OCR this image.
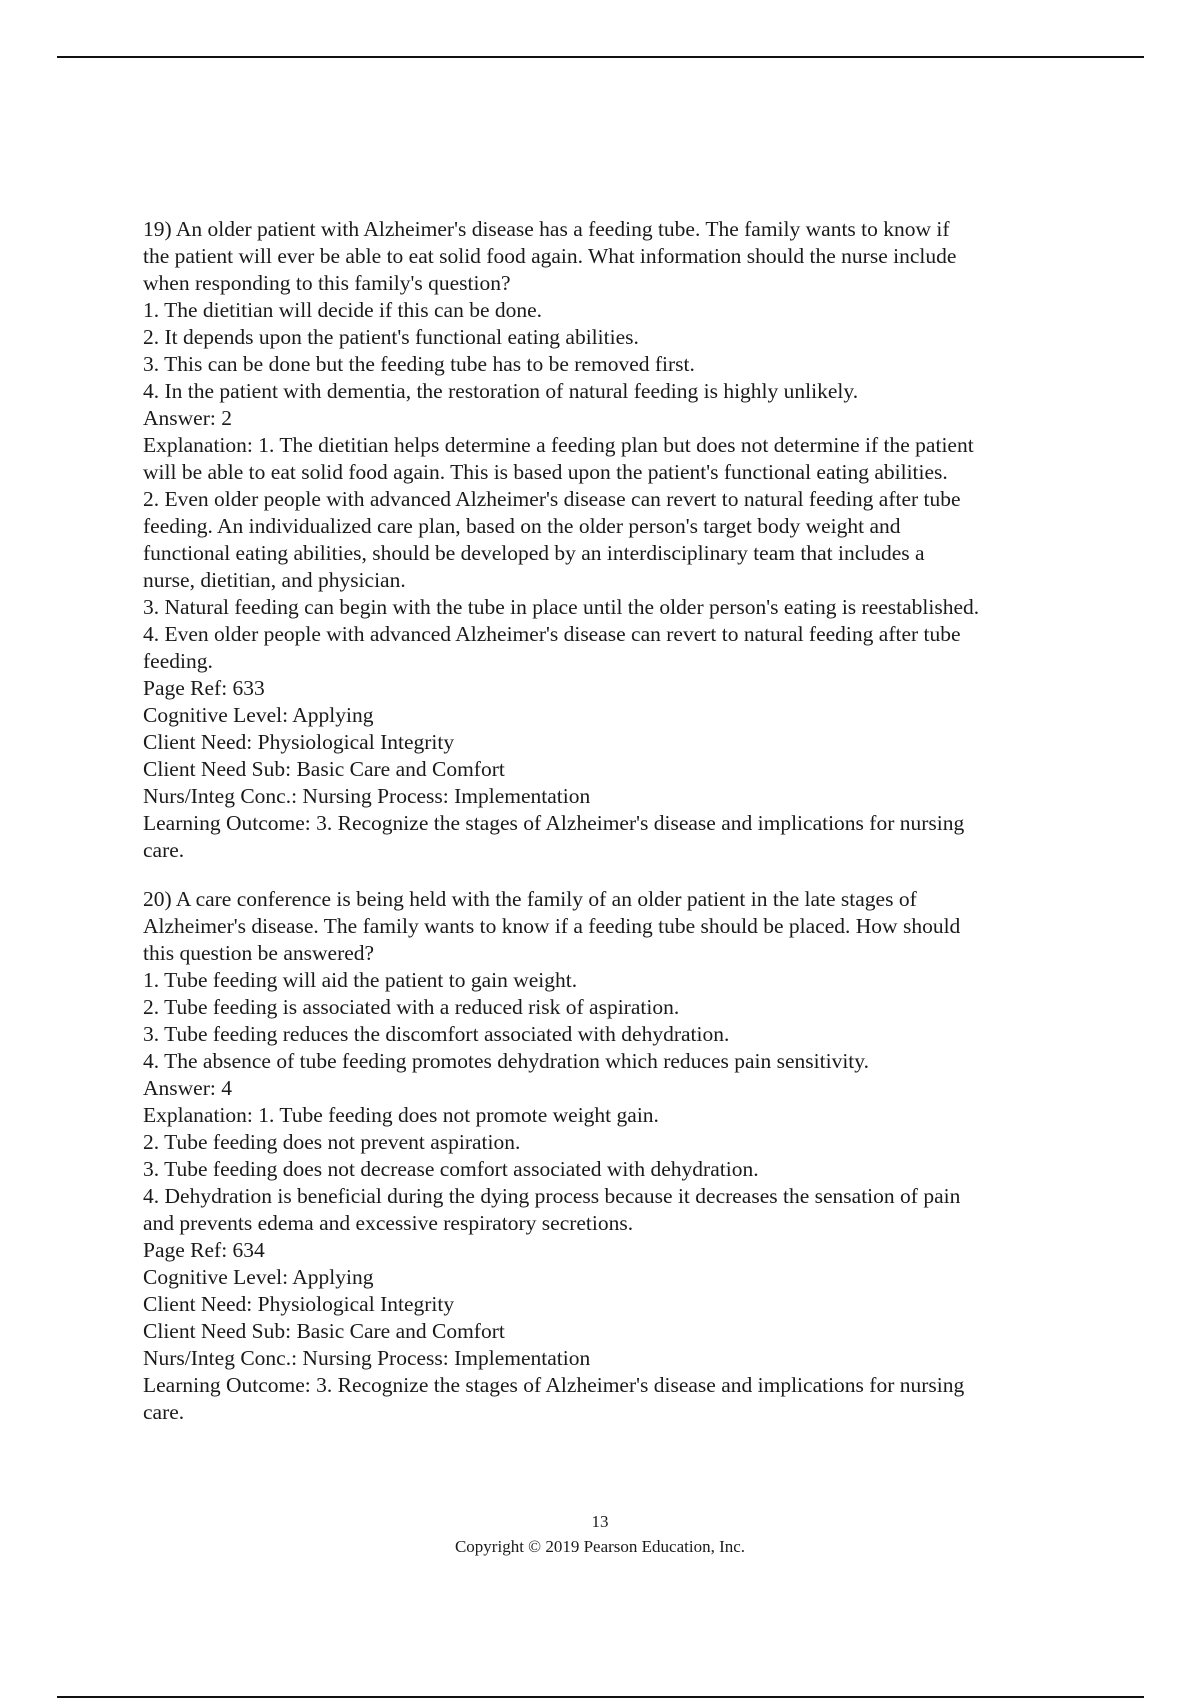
19) An older patient with Alzheimer's disease has a feeding tube. The family wants to know if
the patient will ever be able to eat solid food again. What information should the nurse include
when responding to this family's question?
1. The dietitian will decide if this can be done.
2. It depends upon the patient's functional eating abilities.
3. This can be done but the feeding tube has to be removed first.
4. In the patient with dementia, the restoration of natural feeding is highly unlikely.
Answer: 2
Explanation: 1. The dietitian helps determine a feeding plan but does not determine if the patient
will be able to eat solid food again. This is based upon the patient's functional eating abilities.
2. Even older people with advanced Alzheimer's disease can revert to natural feeding after tube
feeding. An individualized care plan, based on the older person's target body weight and
functional eating abilities, should be developed by an interdisciplinary team that includes a
nurse, dietitian, and physician.
3. Natural feeding can begin with the tube in place until the older person's eating is reestablished.
4. Even older people with advanced Alzheimer's disease can revert to natural feeding after tube
feeding.
Page Ref: 633
Cognitive Level: Applying
Client Need: Physiological Integrity
Client Need Sub: Basic Care and Comfort
Nurs/Integ Conc.: Nursing Process: Implementation
Learning Outcome: 3. Recognize the stages of Alzheimer's disease and implications for nursing
care.
20) A care conference is being held with the family of an older patient in the late stages of
Alzheimer's disease. The family wants to know if a feeding tube should be placed. How should
this question be answered?
1. Tube feeding will aid the patient to gain weight.
2. Tube feeding is associated with a reduced risk of aspiration.
3. Tube feeding reduces the discomfort associated with dehydration.
4. The absence of tube feeding promotes dehydration which reduces pain sensitivity.
Answer: 4
Explanation: 1. Tube feeding does not promote weight gain.
2. Tube feeding does not prevent aspiration.
3. Tube feeding does not decrease comfort associated with dehydration.
4. Dehydration is beneficial during the dying process because it decreases the sensation of pain
and prevents edema and excessive respiratory secretions.
Page Ref: 634
Cognitive Level: Applying
Client Need: Physiological Integrity
Client Need Sub: Basic Care and Comfort
Nurs/Integ Conc.: Nursing Process: Implementation
Learning Outcome: 3. Recognize the stages of Alzheimer's disease and implications for nursing
care.
13
Copyright © 2019 Pearson Education, Inc.
